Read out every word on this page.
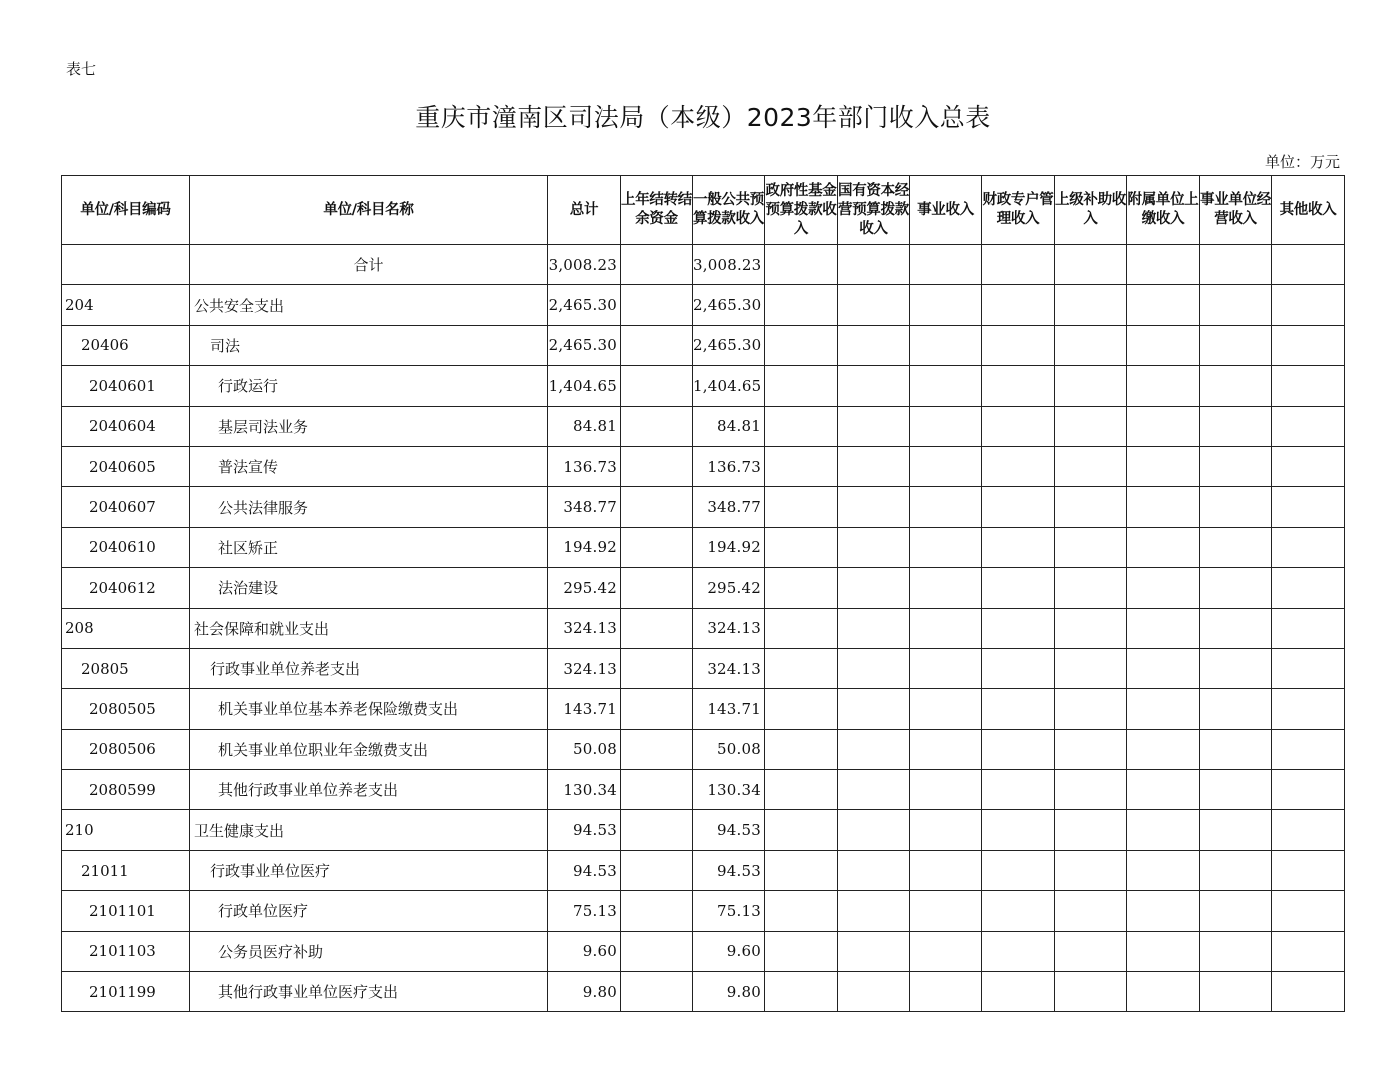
表七
重庆市潼南区司法局（本级）2023年部门收入总表
单位：万元
单位/科目编码	单位/科目名称	总计	上年结转结余资金	一般公共预算拨款收入	政府性基金预算拨款收入	国有资本经营预算拨款收入	事业收入	财政专户管理收入	上级补助收入	附属单位上缴收入	事业单位经营收入	其他收入
	合计	3,008.23		3,008.23								
204	公共安全支出	2,465.30		2,465.30								
20406	司法	2,465.30		2,465.30								
2040601	行政运行	1,404.65		1,404.65								
2040604	基层司法业务	84.81		84.81								
2040605	普法宣传	136.73		136.73								
2040607	公共法律服务	348.77		348.77								
2040610	社区矫正	194.92		194.92								
2040612	法治建设	295.42		295.42								
208	社会保障和就业支出	324.13		324.13								
20805	行政事业单位养老支出	324.13		324.13								
2080505	机关事业单位基本养老保险缴费支出	143.71		143.71								
2080506	机关事业单位职业年金缴费支出	50.08		50.08								
2080599	其他行政事业单位养老支出	130.34		130.34								
210	卫生健康支出	94.53		94.53								
21011	行政事业单位医疗	94.53		94.53								
2101101	行政单位医疗	75.13		75.13								
2101103	公务员医疗补助	9.60		9.60								
2101199	其他行政事业单位医疗支出	9.80		9.80								
